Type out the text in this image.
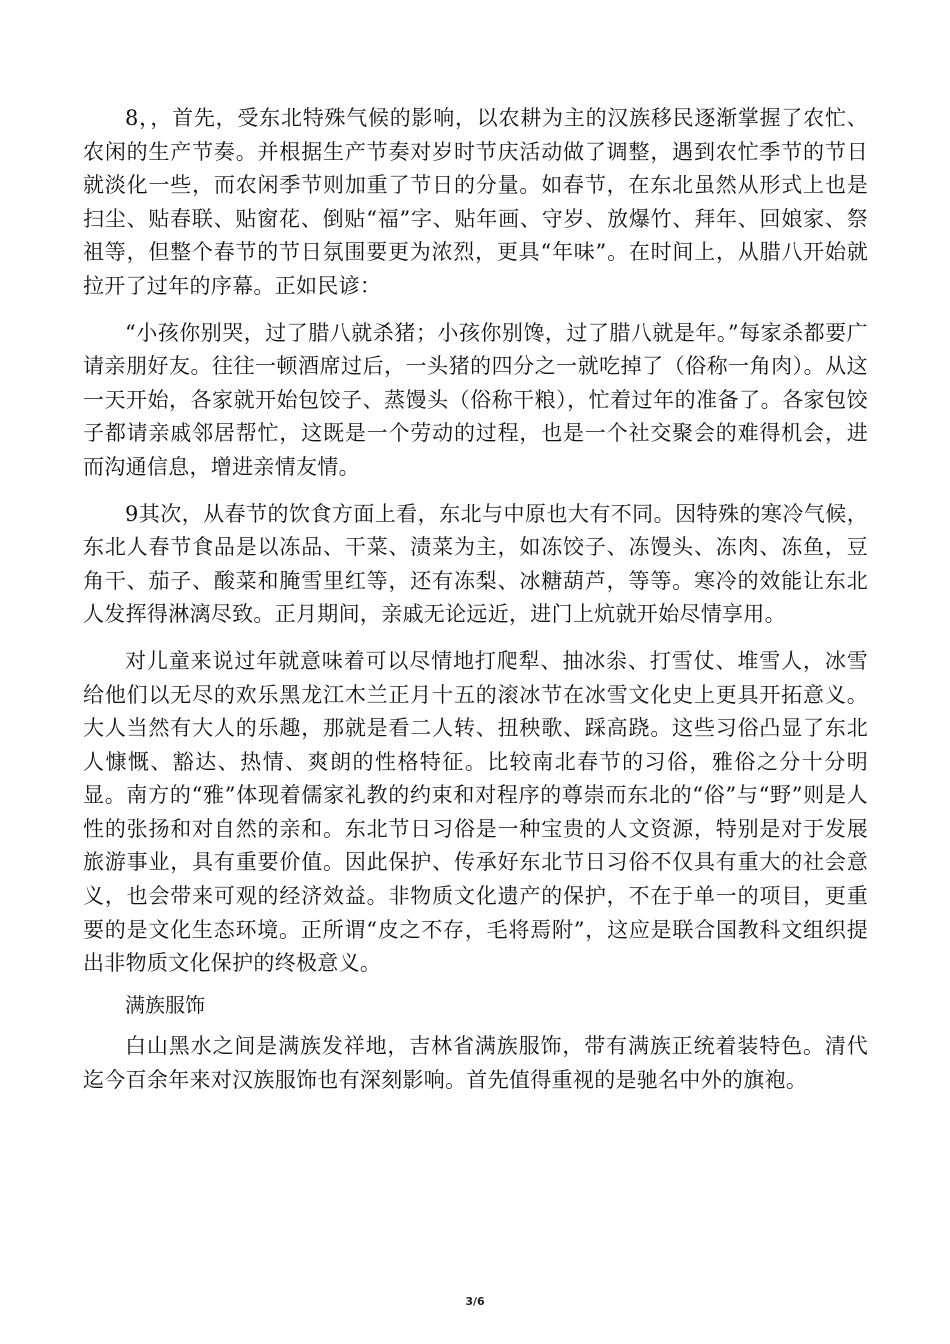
8，，首先，受东北特殊气候的影响，以农耕为主的汉族移民逐渐掌握了农忙、农闲的生产节奏。并根据生产节奏对岁时节庆活动做了调整，遇到农忙季节的节日就淡化一些，而农闲季节则加重了节日的分量。如春节，在东北虽然从形式上也是扫尘、贴春联、贴窗花、倒贴“福”字、贴年画、守岁、放爆竹、拜年、回娘家、祭祖等，但整个春节的节日氛围要更为浓烈，更具“年味”。在时间上，从腊八开始就拉开了过年的序幕。正如民谚：

“小孩你别哭，过了腊八就杀猪；小孩你别馋，过了腊八就是年。”每家杀都要广请亲朋好友。往往一顿酒席过后，一头猪的四分之一就吃掉了（俗称一角肉）。从这一天开始，各家就开始包饺子、蒸馒头（俗称干粮），忙着过年的准备了。各家包饺子都请亲戚邻居帮忙，这既是一个劳动的过程，也是一个社交聚会的难得机会，进而沟通信息，增进亲情友情。

9其次，从春节的饮食方面上看，东北与中原也大有不同。因特殊的寒冷气候，东北人春节食品是以冻品、干菜、渍菜为主，如冻饺子、冻馒头、冻肉、冻鱼，豆角干、茄子、酸菜和腌雪里红等，还有冻梨、冰糖葫芦，等等。寒冷的效能让东北人发挥得淋漓尽致。正月期间，亲戚无论远近，进门上炕就开始尽情享用。

对儿童来说过年就意味着可以尽情地打爬犁、抽冰尜、打雪仗、堆雪人，冰雪给他们以无尽的欢乐黑龙江木兰正月十五的滚冰节在冰雪文化史上更具开拓意义。大人当然有大人的乐趣，那就是看二人转、扭秧歌、踩高跷。这些习俗凸显了东北人慷慨、豁达、热情、爽朗的性格特征。比较南北春节的习俗，雅俗之分十分明显。南方的“雅”体现着儒家礼教的约束和对程序的尊崇而东北的“俗”与“野”则是人性的张扬和对自然的亲和。东北节日习俗是一种宝贵的人文资源，特别是对于发展旅游事业，具有重要价值。因此保护、传承好东北节日习俗不仅具有重大的社会意义，也会带来可观的经济效益。非物质文化遗产的保护，不在于单一的项目，更重要的是文化生态环境。正所谓“皮之不存，毛将焉附”，这应是联合国教科文组织提出非物质文化保护的终极意义。

满族服饰

白山黑水之间是满族发祥地，吉林省满族服饰，带有满族正统着装特色。清代迄今百余年来对汉族服饰也有深刻影响。首先值得重视的是驰名中外的旗袍。

3/6
